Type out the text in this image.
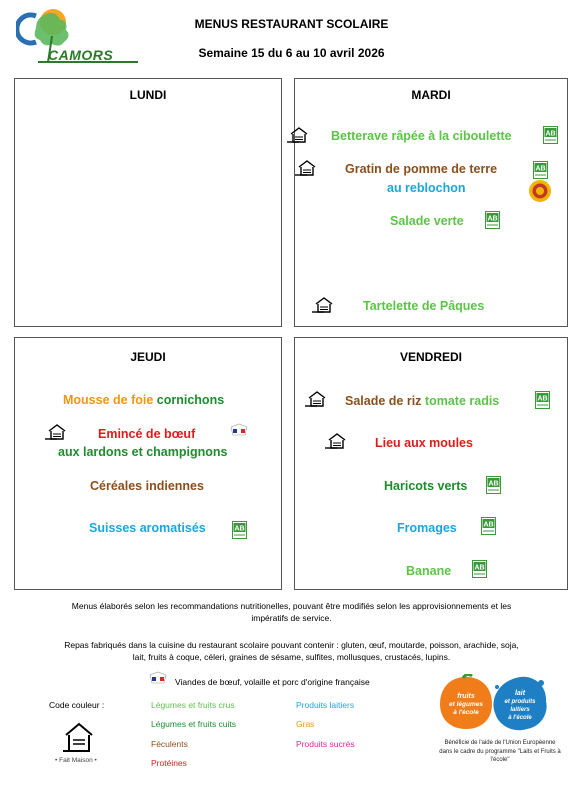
CAMORS
MENUS RESTAURANT SCOLAIRE
Semaine 15 du 6 au 10 avril 2026
LUNDI	MARDI
Betterave râpée à la ciboulette	AB
Gratin de pomme de terre	AB
au reblochon
Salade verte	AB
Tartelette de Pâques
JEUDI
Mousse de foie cornichons
Emincé de bœuf
aux lardons et champignons
Céréales indiennes
Suisses aromatisés	AB
VENDREDI
Salade de riz tomate radis	AB
Lieu aux moules
Haricots verts	AB
Fromages	AB
Banane	AB
Menus élaborés selon les recommandations nutritionelles, pouvant être modifiés selon les approvisionnements et les
impératifs de service.
Repas fabriqués dans la cuisine du restaurant scolaire pouvant contenir : gluten, œuf, moutarde, poisson, arachide, soja,
lait, fruits à coque, céleri, graines de sésame, sulfites, mollusques, crustacés, lupins.
Viandes de bœuf, volaille et porc d'origine française
Code couleur :	Légumes et fruits crus
Légumes et fruits cuits
Féculents
Protéines
Produits laitiers
Gras
Produits sucrés
• Fait Maison •
fruits
et légumes
à l'école
lait
et produits
laitiers
à l'école
Bénéficie de l'aide de l'Union Européenne
dans le cadre du programme "Laits et Fruits à
l'école"
